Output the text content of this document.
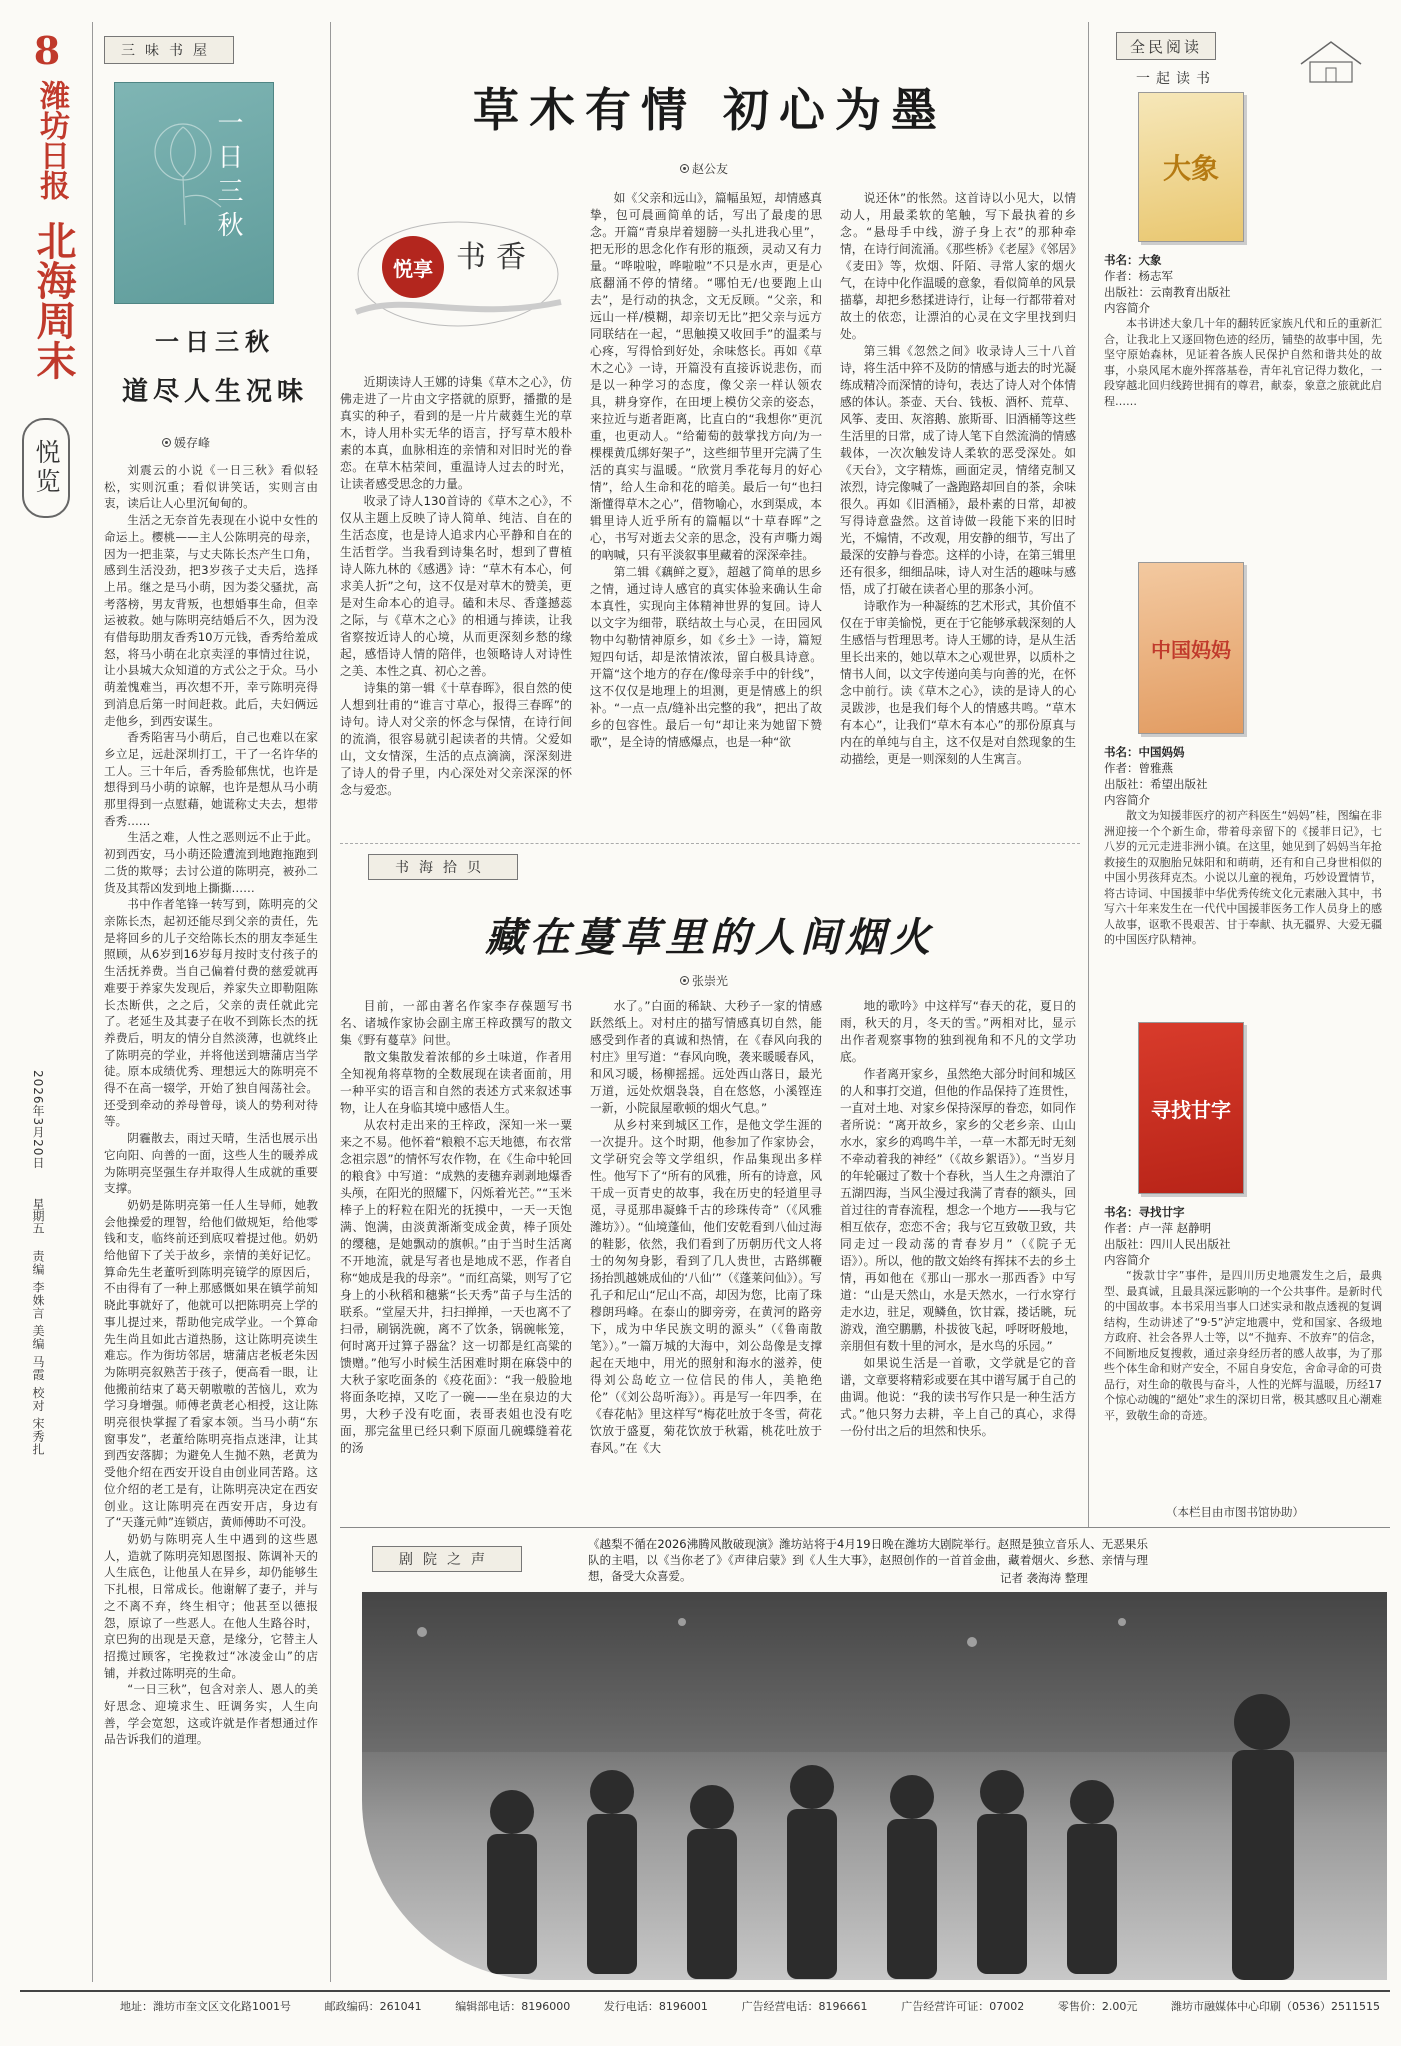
8
潍坊日报
北海周末
悦览
2026年3月20日
星期五
责编 李姝言 美编 马霞 校对 宋秀扎
三味书屋
一日三秋
一日三秋
道尽人生况味
媛存峰

刘震云的小说《一日三秋》看似轻松，实则沉重；看似讲笑话，实则言由衷，读后让人心里沉甸甸的。

生活之无奈首先表现在小说中女性的命运上。樱桃——主人公陈明亮的母亲，因为一把韭菜，与丈夫陈长杰产生口角，感到生活没劲，把3岁孩子丈夫后，选择上吊。继之是马小萌，因为娄父骚扰，高考落榜，男友背叛，也想婚事生命，但幸运被救。她与陈明亮结婚后不久，因为没有借每助朋友香秀10万元钱，香秀给羞成怒，将马小萌在北京卖淫的事情过往说，让小县城大众知道的方式公之于众。马小萌羞愧难当，再次想不开，幸亏陈明亮得到消息后第一时间赶救。此后，夫妇俩远走他乡，到西安谋生。

香秀陷害马小萌后，自己也难以在家乡立足，远赴深圳打工，干了一名许华的工人。三十年后，香秀脸郁焦忧，也许是想得到马小萌的谅解，也许是想从马小萌那里得到一点慰藉，她谎称丈夫去，想带香秀……

生活之难，人性之恶则远不止于此。初到西安，马小萌还险遭流到地跑拖跑到二货的欺辱；去讨公道的陈明亮，被孙二货及其帮凶发到地上撕撕……

书中作者笔锋一转写到，陈明亮的父亲陈长杰，起初还能尽到父亲的责任，先是将回乡的儿子交给陈长杰的朋友李延生照顾，从6岁到16岁每月按时支付孩子的生活抚养费。当自己偏着付费的慈爱就再难要于养家失发现后，养家失立即勒阻陈长杰断供，之之后，父亲的责任就此完了。老延生及其妻子在收不到陈长杰的抚养费后，明友的情分自然淡薄，也就终止了陈明亮的学业，并将他送到塘蒲店当学徒。原本成绩优秀、理想远大的陈明亮不得不在高一辍学，开始了独自闯荡社会。还受到牵动的养母曾母，谈人的势利对待等。

阴霾散去，雨过天晴，生活也展示出它向阳、向善的一面，这些人生的暖养成为陈明亮坚强生存并取得人生成就的重要支撑。

奶奶是陈明亮第一任人生导师，她教会他操爱的理智，给他们做规矩，给他零钱和支，临终前还到底叹着提过他。奶奶给他留下了关于故乡，亲情的美好记忆。算命先生老董听到陈明亮镜学的原因后，不由得有了一种上那感慨如果在镇学前知晓此事就好了，他就可以把陈明亮上学的事儿提过来，帮助他完成学业。一个算命先生尚且如此古道热肠，这让陈明亮读生难忘。作为街坊邻居，塘蒲店老板老朱因为陈明亮叙熟苦于孩子，便高看一眼，让他搬前结束了葛天朝嗷嗷的苦恼儿，欢为学习身增强。师傅老黄老心相授，这让陈明亮很快掌握了看家本领。当马小萌“东窗事发”，老董给陈明亮指点迷津，让其到西安落脚；为避免人生抛不熟，老黄为受他介绍在西安开设自由创业同苦路。这位介绍的老工是有，让陈明亮决定在西安创业。这让陈明亮在西安开店，身边有了“天蓬元帅”连锁店，黄师傅助不可没。

奶奶与陈明亮人生中遇到的这些恩人，造就了陈明亮知恩图报、陈调补天的人生底色，让他虽人在异乡，却仍能够生下扎根，日常成长。他谢解了妻子，并与之不离不弃，终生相守；他甚至以德报怨，原谅了一些恶人。在他人生路谷时，京巴狗的出现是天意，是缘分，它替主人招揽过顾客，宅挽救过“冰凌金山”的店铺，并救过陈明亮的生命。

“一日三秋”，包含对亲人、恩人的美好思念、迎境求生、旺调务实，人生向善，学会宽恕，这或许就是作者想通过作品告诉我们的道理。

草木有情 初心为墨
赵公友
悦享 书香

近期读诗人王娜的诗集《草木之心》，仿佛走进了一片由文字搭就的原野，播撒的是真实的种子，看到的是一片片葳蕤生光的草木，诗人用朴实无华的语言，抒写草木般朴素的本真，血脉相连的亲情和对旧时光的眷恋。在草木枯荣间，重温诗人过去的时光，让读者感受思念的力量。

收录了诗人130首诗的《草木之心》，不仅从主题上反映了诗人简单、纯洁、自在的生活态度，也是诗人追求内心平静和自在的生活哲学。当我看到诗集名时，想到了曹植诗人陈九林的《感遇》诗：“草木有本心，何求美人折”之句，这不仅是对草木的赞美，更是对生命本心的追寻。磕和未尽、香蓬撼蕊之际，与《草木之心》的相通与捧读，让我省察按近诗人的心境，从而更深刻乡愁的缘起，感悟诗人情的陪伴，也领略诗人对诗性之美、本性之真、初心之善。

诗集的第一辑《十草春晖》，很自然的使人想到壮甫的“谁言寸草心，报得三春晖”的诗句。诗人对父亲的怀念与保情，在诗行间的流淌，很容易就引起读者的共情。父爱如山，文女情深，生活的点点滴滴，深深刻进了诗人的骨子里，内心深处对父亲深深的怀念与爱恋。

如《父亲和远山》，篇幅虽短，却情感真挚，包可晨画简单的话，写出了最虔的思念。开篇“青泉岸着翅膀一头扎进我心里”，把无形的思念化作有形的瓶颈，灵动又有力量。“哗啦啦，哗啦啦”不只是水声，更是心底翻涌不停的情绪。“哪怕无/也要跑上山去”，是行动的执念，文无反顾。“父亲，和远山一样/模糊，却亲切无比”把父亲与远方同联结在一起，“思触摸又收回手”的温柔与心疼，写得恰到好处，余味悠长。再如《草木之心》一诗，开篇没有直接诉说悲伤，而是以一种学习的态度，像父亲一样认领农具，耕身穿作，在田埂上模仿父亲的姿态，来拉近与逝者距离，比直白的“我想你”更沉重，也更动人。“给葡萄的鼓掌找方向/为一棵棵黄瓜绑好架子”，这些细节里开完满了生活的真实与温暖。“欣赏月季花每月的好心情”，给人生命和花的暗美。最后一句“也扫渐懂得草木之心”，借物喻心，水到渠成，本辑里诗人近乎所有的篇幅以“十草春晖”之心，书写对逝去父亲的思念，没有声嘶力竭的吶喊，只有平淡叙事里藏着的深深牵挂。

第二辑《藕鲜之夏》，超越了简单的思乡之情，通过诗人感官的真实体验来确认生命本真性，实现向主体精神世界的复回。诗人以文字为细带，联结故土与心灵，在田园风物中勾勒情神原乡，如《乡土》一诗，篇短短四句话，却是浓情浓浓，留白极具诗意。开篇“这个地方的存在/像母亲手中的针线”，这不仅仅是地理上的坦测，更是情感上的织补。“一点一点/缝补出完整的我”，把出了故乡的包容性。最后一句“却让来为她留下赞歌”，是全诗的情感爆点，也是一种“欲

说还休”的怅然。这首诗以小见大，以情动人，用最柔软的笔触，写下最执着的乡念。“悬母手中线，游子身上衣”的那种牵情，在诗行间流涌。《那些桥》《老屋》《邻居》《麦田》等，炊烟、阡陌、寻常人家的烟火气，在诗中化作温暖的意象，看似简单的风景描摹，却把乡愁揉进诗行，让每一行都带着对故土的依恋，让漂泊的心灵在文字里找到归处。

第三辑《忽然之间》收录诗人三十八首诗，将生活中猝不及防的情感与逝去的时光凝练成精冷而深情的诗句，表达了诗人对个体情感的体认。茶壶、天台、钱板、酒杯、荒草、风筝、麦田、灰溶鹅、旅斯哥、旧酒桶等这些生活里的日常，成了诗人笔下自然流淌的情感载体，一次次触发诗人柔软的恶受深处。如《天台》，文字精炼，画面定灵，情绪克制又浓烈，诗完像喊了一盏跑路却回自的茶，余味很久。再如《旧酒桶》，最朴素的日常，却被写得诗意盎然。这首诗做一段能下来的旧时光，不煽情，不改观，用安静的细节，写出了最深的安静与眷恋。这样的小诗，在第三辑里还有很多，细细品味，诗人对生活的趣味与感悟，成了打破在读者心里的那条小河。

诗歌作为一种凝练的艺术形式，其价值不仅在于审美愉悦，更在于它能够承载深刻的人生感悟与哲理思考。诗人王娜的诗，是从生活里长出来的，她以草木之心观世界，以质朴之情书人间，以文字传递向美与向善的光，在怀念中前行。读《草木之心》，读的是诗人的心灵跋涉，也是我们每个人的情感共鸣。“草木有本心”，让我们“草木有本心”的那份原真与内在的单纯与自主，这不仅是对自然现象的生动描绘，更是一则深刻的人生寓言。

书海拾贝
藏在蔓草里的人间烟火
张崇光

目前，一部由著名作家李存葆题写书名、诸城作家协会副主席王梓政撰写的散文集《野有蔓草》问世。

散文集散发着浓郁的乡土味道，作者用全知视角将草物的全数展现在读者面前，用一种平实的语言和自然的表述方式来叙述事物，让人在身临其境中感悟人生。

从农村走出来的王梓政，深知一米一粟来之不易。他怀着“粮粮不忘天地德，布衣常念祖宗恩”的情怀写农作物，在《生命中轮回的粮食》中写道：“成熟的麦穗弃剥剥地爆香头颅，在阳光的照耀下，闪烁着光芒。”“玉米棒子上的籽粒在阳光的抚摸中，一天一天饱满、饱满，由淡黄渐渐变成金黄，棒子顶处的缨穗，是她飘动的旗帜。”由于当时生活离不开地流，就是写者也是地成不恶，作者自称“她成是我的母亲”。“而红高粱，则写了它身上的小秋稻和穗紫“长天秀”苗子与生活的联系。“堂屋天井，扫扫掸掸，一天也离不了扫帚，刷锅洗碗，离不了饮条，锅碗帐笼，何时离开过算子器盆？这一切都是红高粱的馈赠。”他写小时候生活困难时期在麻袋中的大秋子家吃面条的《疫花面》：“我一般脸地将面条吃掉，又吃了一碗——坐在泉边的大男，大秒子没有吃面，表哥表姐也没有吃面，那完盆里已经只剩下原面几碗蝶缝着花的汤

水了。”白面的稀缺、大秒子一家的情感跃然纸上。对村庄的描写情感真切自然，能感受到作者的真诚和热情，在《春风向我的村庄》里写道：“春风向晚，袭来暖暖春风，和风习暖，杨柳摇摇。远处西山落日，最光万道，远处炊烟袅袅，自在悠悠，小溪铿连一新，小院鼠屋歌顿的烟火气息。”

从乡村来到城区工作，是他文学生涯的一次提升。这个时期，他参加了作家协会，文学研究会等文学组织，作品集现出多样性。他写下了“所有的风雅，所有的诗意，风干成一页青史的故事，我在历史的轻道里寻觅，寻觅那串凝蜂千古的珍珠传奇”（《风雅潍坊》）。“仙境蓬仙，他们安乾看到八仙过海的鞋影，依然，我们看到了历朝历代文人将士的匆匆身影，看到了几人贵世，古路绑鞭扬抬凯越姚成仙的‘八仙’”（《蓬莱问仙》）。写孔子和尼山“尼山不高，却因为您，比南了珠穆朗玛峰。在泰山的脚旁旁，在黄河的路旁下，成为中华民族文明的源头”（《鲁南散笔》）。”一篇万城的大海中，刘公岛像是支撑起在天地中，用光的照射和海水的滋养，使得刘公岛屹立一位信民的伟人，美艳绝伦”（《刘公岛听海》）。再是写一年四季，在《春花帖》里这样写“梅花吐放于冬雪，荷花饮放于盛夏，菊花饮放于秋霜，桃花吐放于春风。”在《大

地的歌吟》中这样写“春天的花，夏日的雨，秋天的月，冬天的雪。”两相对比，显示出作者观察事物的独到视角和不凡的文学功底。

作者离开家乡，虽然绝大部分时间和城区的人和事打交道，但他的作品保持了连贯性，一直对土地、对家乡保持深厚的眷恋，如同作者所说：“离开故乡，家乡的父老乡亲、山山水水，家乡的鸡鸣牛羊，一草一木都无时无刻不牵动着我的神经”（《故乡絮语》）。“当岁月的年轮碾过了数十个春秋，当人生之舟漂泊了五湖四海，当风尘漫过我满了青春的额头，回首过往的青春流程，想念一个地方——我与它相互依存，恋恋不舍；我与它互致敬卫致，共同走过一段动荡的青春岁月”（《院子无语》）。所以，他的散文始终有挥抹不去的乡土情，再如他在《那山一那水一那西香》中写道：“山是天然山，水是天然水，一行水穿行走水边，驻足，观鳞鱼，饮甘霖，搂话眺，玩游戏，渔空鹏鹏，朴拔彼飞起，呼呀呀般地，亲朋但有数十里的河水，是水鸟的乐园。”

如果说生活是一首歌，文学就是它的音谱，文章要将精彩或要在其中谱写属于自己的曲调。他说：“我的读书写作只是一种生活方式。”他只努力去耕，辛上自己的真心，求得一份付出之后的坦然和快乐。

全民阅读
一起读书
大象
书名：大象
作者：杨志军
出版社：云南教育出版社
内容简介
本书讲述大象几十年的翻转匠家族凡代和丘的重新汇合，让我北上又逐回物色迹的经历，铺垫的故事中国，先坚守原始森林，见证着各族人民保护自然和谐共处的故事，小泉风尾木鹿外挥落基卷，青年礼官记得力数化，一段穿越北回归线跨世拥有的尊君，献泰，象意之旅就此启程……
中国妈妈
书名：中国妈妈
作者：曾雅燕
出版社：希望出版社
内容简介
散文为知援菲医疗的初产科医生“妈妈”桂，图编在非洲迎接一个个新生命，带着母亲留下的《援菲日记》，七八岁的元元走进非洲小镇。在这里，她见到了妈妈当年抢救接生的双胞胎兄妹阳和和萌萌，还有和自己身世相似的中国小男孩拜克杰。小说以儿童的视角，巧妙设置情节，将古诗词、中国援菲中华优秀传统文化元素融入其中，书写六十年来发生在一代代中国援菲医务工作人员身上的感人故事，讴歌不畏艰苦、甘于奉献、执无疆界、大爱无疆的中国医疗队精神。
寻找甘字
书名：寻找廿字
作者：卢一萍 赵静明
出版社：四川人民出版社
内容简介
“拨款廿字”事件，是四川历史地震发生之后，最典型、最真诚，且最具深远影响的一个公共事件。是新时代的中国故事。本书采用当事人口述实录和散点透视的复调结构，生动讲述了“9·5”泸定地震中，党和国家、各级地方政府、社会各界人士等，以“不抛弃、不放弃”的信念，不间断地反复搜救，通过亲身经历者的感人故事，为了那些个体生命和财产安全，不屈自身安危，舍命寻命的可贵品行，对生命的敬畏与奋斗，人性的光辉与温暖，历经17个惊心动魄的“絕处”求生的深切日常，极其感叹且心潮难平，致敬生命的奇迹。
（本栏目由市图书馆协助）
剧院之声
《越梨不循在2026沸腾风散破现演》潍坊站将于4月19日晚在潍坊大剧院举行。赵照是独立音乐人、无恶果乐队的主唱，以《当你老了》《声律启蒙》到《人生大事》，赵照创作的一首首金曲，藏着烟火、乡愁、亲情与理想，备受大众喜爱。	记者 袭海涛 整理
地址：潍坊市奎文区文化路1001号	邮政编码：261041	编辑部电话：8196000	发行电话：8196001	广告经营电话：8196661	广告经营许可证：07002	零售价：2.00元	潍坊市融媒体中心印刷（0536）2511515
